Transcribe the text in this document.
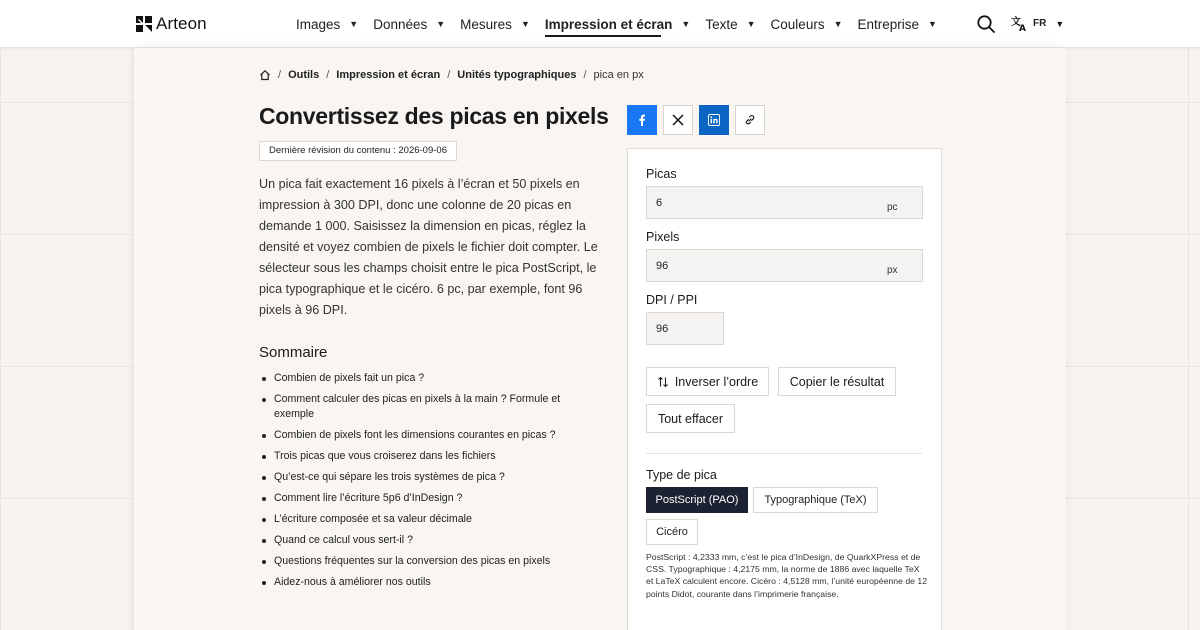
Arteon	Images ▼ Données ▼ Mesures ▼ Impression et écran ▼ Texte ▼ Couleurs ▼ Entreprise ▼	文
A FR ▼
/ Outils / Impression et écran / Unités typographiques / pica en px
Convertissez des picas en pixels
Dernière révision du contenu : 2026-09-06

Un pica fait exactement 16 pixels à l’écran et 50 pixels en impression à 300 DPI, donc une colonne de 20 picas en demande 1 000. Saisissez la dimension en picas, réglez la densité et voyez combien de pixels le fichier doit compter. Le sélecteur sous les champs choisit entre le pica PostScript, le pica typographique et le cicéro. 6 pc, par exemple, font 96 pixels à 96 DPI.

Sommaire
Combien de pixels fait un pica ?
Comment calculer des picas en pixels à la main ? Formule et exemple
Combien de pixels font les dimensions courantes en picas ?
Trois picas que vous croiserez dans les fichiers
Qu’est-ce qui sépare les trois systèmes de pica ?
Comment lire l’écriture 5p6 d’InDesign ?
L’écriture composée et sa valeur décimale
Quand ce calcul vous sert-il ?
Questions fréquentes sur la conversion des picas en pixels
Aidez-nous à améliorer nos outils
Picas
6
pc
Pixels
96
px
DPI / PPI
96
Inverser l’ordre	Copier le résultat
Tout effacer
Type de pica
PostScript (PAO)	Typographique (TeX)
Cicéro

PostScript : 4,2333 mm, c’est le pica d’InDesign, de QuarkXPress et de CSS. Typographique : 4,2175 mm, la norme de 1886 avec laquelle TeX et LaTeX calculent encore. Cicéro : 4,5128 mm, l’unité européenne de 12 points Didot, courante dans l’imprimerie française.
